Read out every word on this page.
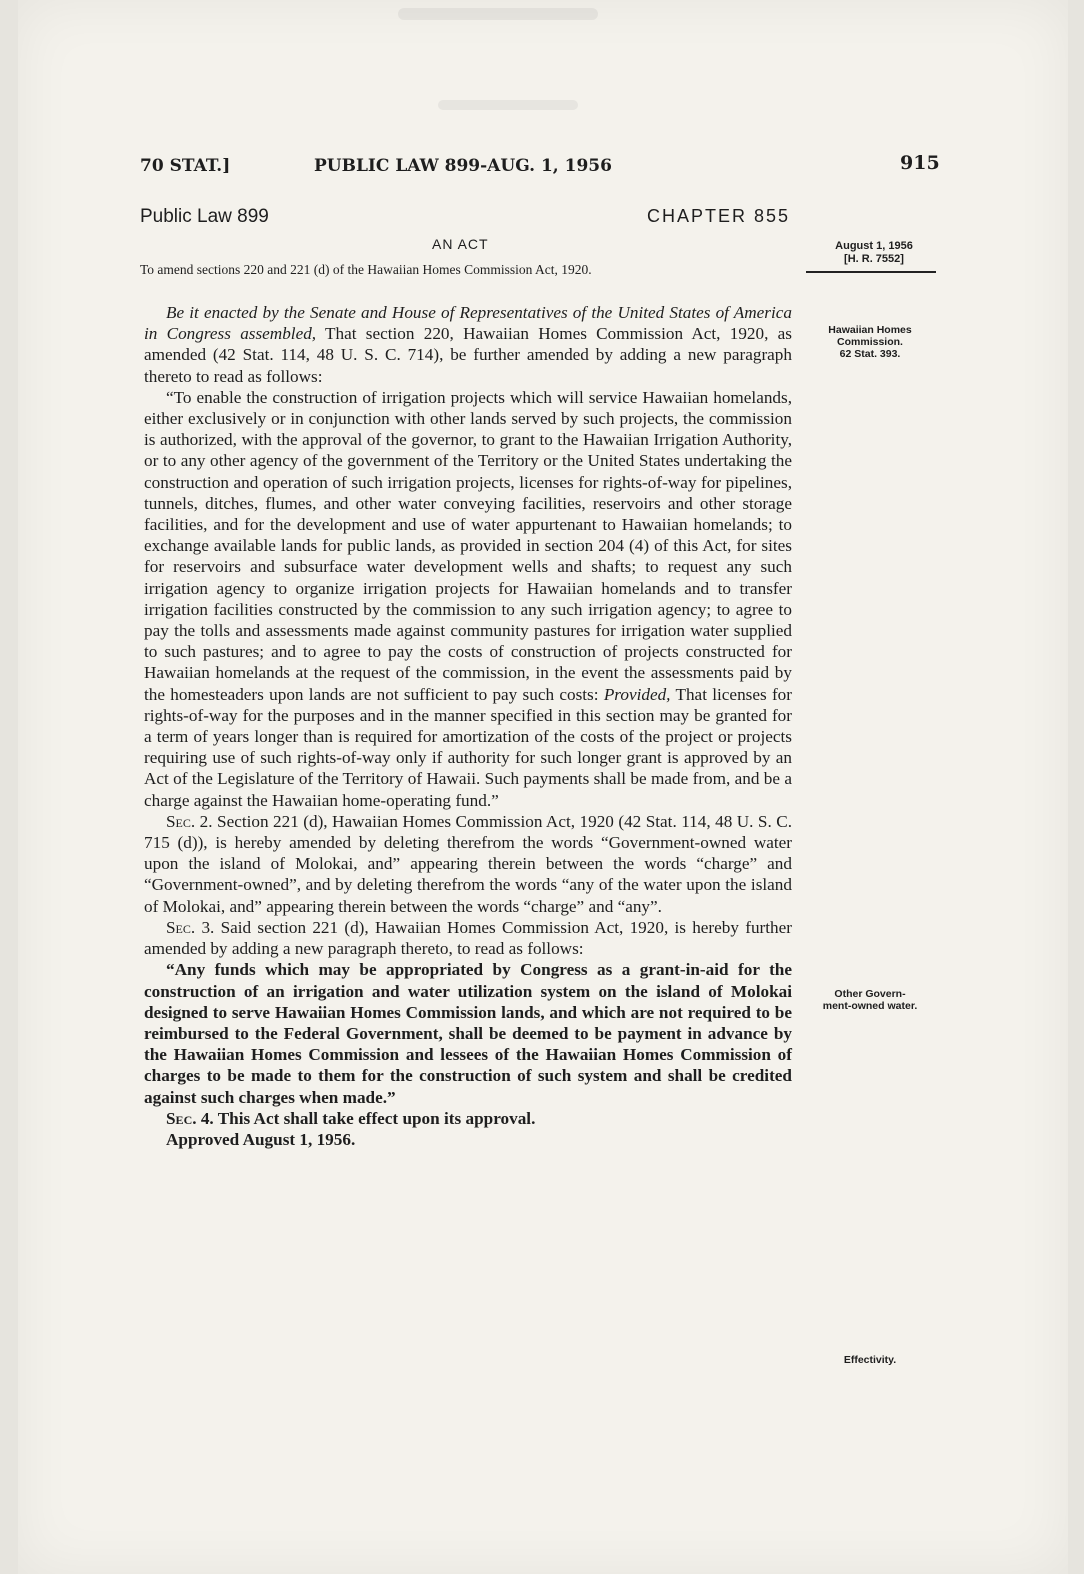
70 STAT.]	PUBLIC LAW 899-AUG. 1, 1956	915
Public Law 899	CHAPTER 855
AN ACT
To amend sections 220 and 221 (d) of the Hawaiian Homes Commission Act, 1920.
August 1, 1956
[H. R. 7552]
Hawaiian Homes
Commission.
62 Stat. 393.
Other Govern-
ment-owned water.
Effectivity.

Be it enacted by the Senate and House of Representatives of the United States of America in Congress assembled, That section 220, Hawaiian Homes Commission Act, 1920, as amended (42 Stat. 114, 48 U. S. C. 714), be further amended by adding a new paragraph thereto to read as follows:

“To enable the construction of irrigation projects which will service Hawaiian homelands, either exclusively or in conjunction with other lands served by such projects, the commission is authorized, with the approval of the governor, to grant to the Hawaiian Irrigation Authority, or to any other agency of the government of the Territory or the United States undertaking the construction and operation of such irrigation projects, licenses for rights-of-way for pipelines, tunnels, ditches, flumes, and other water conveying facilities, reservoirs and other storage facilities, and for the development and use of water appurtenant to Hawaiian homelands; to exchange available lands for public lands, as provided in section 204 (4) of this Act, for sites for reservoirs and subsurface water development wells and shafts; to request any such irrigation agency to organize irrigation projects for Hawaiian homelands and to transfer irrigation facilities constructed by the commission to any such irrigation agency; to agree to pay the tolls and assessments made against community pastures for irrigation water supplied to such pastures; and to agree to pay the costs of construction of projects constructed for Hawaiian homelands at the request of the commission, in the event the assessments paid by the homesteaders upon lands are not sufficient to pay such costs: Provided, That licenses for rights-of-way for the purposes and in the manner specified in this section may be granted for a term of years longer than is required for amortization of the costs of the project or projects requiring use of such rights-of-way only if authority for such longer grant is approved by an Act of the Legislature of the Territory of Hawaii. Such payments shall be made from, and be a charge against the Hawaiian home-operating fund.”

Sec. 2. Section 221 (d), Hawaiian Homes Commission Act, 1920 (42 Stat. 114, 48 U. S. C. 715 (d)), is hereby amended by deleting therefrom the words “Government-owned water upon the island of Molokai, and” appearing therein between the words “charge” and “Government-owned”, and by deleting therefrom the words “any of the water upon the island of Molokai, and” appearing therein between the words “charge” and “any”.

Sec. 3. Said section 221 (d), Hawaiian Homes Commission Act, 1920, is hereby further amended by adding a new paragraph thereto, to read as follows:

“Any funds which may be appropriated by Congress as a grant-in-aid for the construction of an irrigation and water utilization system on the island of Molokai designed to serve Hawaiian Homes Commission lands, and which are not required to be reimbursed to the Federal Government, shall be deemed to be payment in advance by the Hawaiian Homes Commission and lessees of the Hawaiian Homes Commission of charges to be made to them for the construction of such system and shall be credited against such charges when made.”

Sec. 4. This Act shall take effect upon its approval.

Approved August 1, 1956.
